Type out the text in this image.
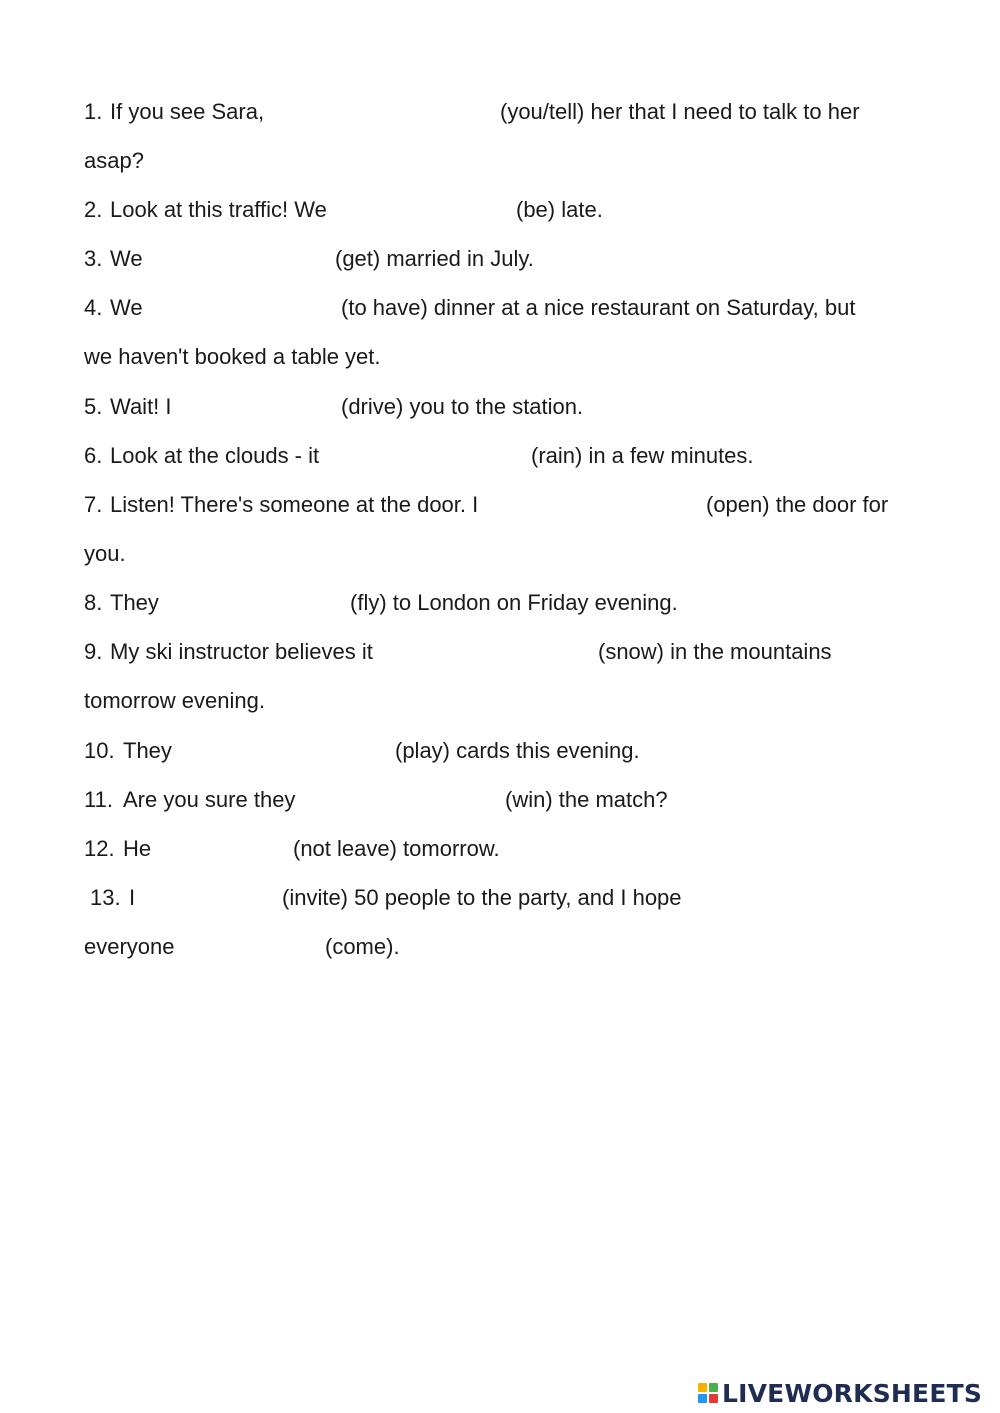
1. If you see Sara,	(you/tell) her that I need to talk to her
asap?
2. Look at this traffic! We	(be) late.
3. We	(get) married in July.
4. We	(to have) dinner at a nice restaurant on Saturday, but
we haven't booked a table yet.
5. Wait! I	(drive) you to the station.
6. Look at the clouds - it	(rain) in a few minutes.
7. Listen! There's someone at the door. I	(open) the door for
you.
8. They	(fly) to London on Friday evening.
9. My ski instructor believes it	(snow) in the mountains
tomorrow evening.
10. They	(play) cards this evening.
11. Are you sure they	(win) the match?
12. He	(not leave) tomorrow.
13. I	(invite) 50 people to the party, and I hope
everyone	(come).
LIVEWORKSHEETS
